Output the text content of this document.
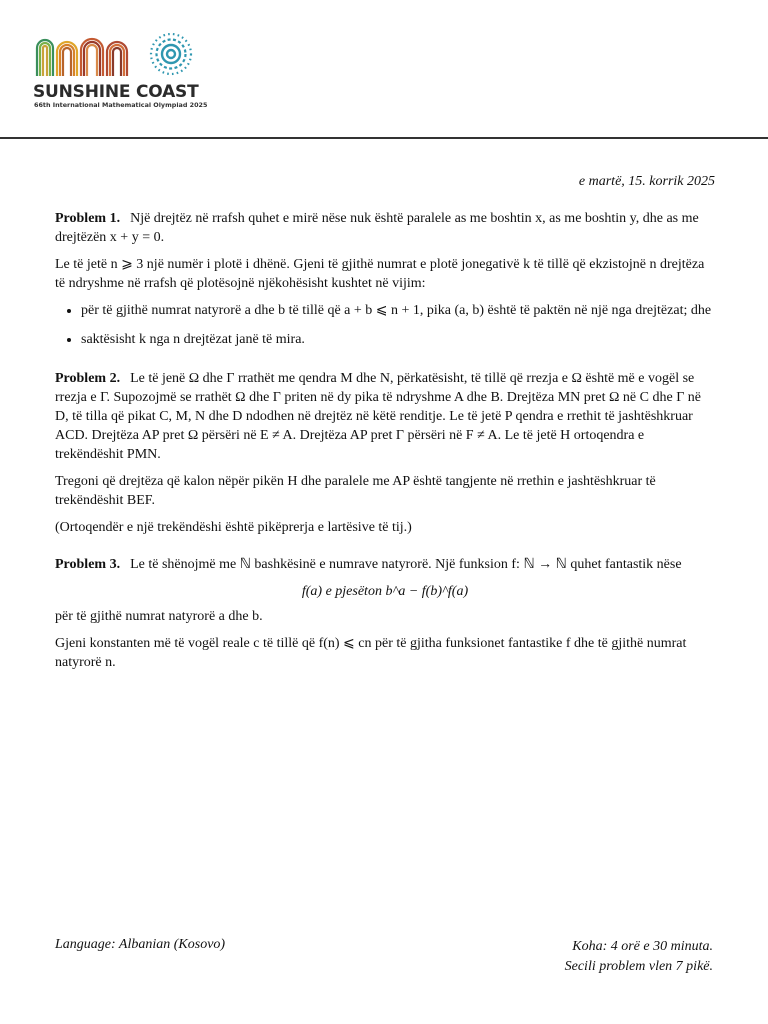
SUNSHINE COAST
66th International Mathematical Olympiad 2025
e martë, 15. korrik 2025

Problem 1. Një drejtëz në rrafsh quhet e mirë nëse nuk është paralele as me boshtin x, as me boshtin y, dhe as me drejtëzën x + y = 0.

Le të jetë n ⩾ 3 një numër i plotë i dhënë. Gjeni të gjithë numrat e plotë jonegativë k të tillë që ekzistojnë n drejtëza të ndryshme në rrafsh që plotësojnë njëkohësisht kushtet në vijim:

• për të gjithë numrat natyrorë a dhe b të tillë që a + b ⩽ n + 1, pika (a, b) është të paktën në një nga drejtëzat; dhe
• saktësisht k nga n drejtëzat janë të mira.

Problem 2. Le të jenë Ω dhe Γ rrathët me qendra M dhe N, përkatësisht, të tillë që rrezja e Ω është më e vogël se rrezja e Γ. Supozojmë se rrathët Ω dhe Γ priten në dy pika të ndryshme A dhe B. Drejtëza MN pret Ω në C dhe Γ në D, të tilla që pikat C, M, N dhe D ndodhen në drejtëz në këtë renditje. Le të jetë P qendra e rrethit të jashtëshkruar ACD. Drejtëza AP pret Ω përsëri në E ≠ A. Drejtëza AP pret Γ përsëri në F ≠ A. Le të jetë H ortoqendra e trekëndëshit PMN.

Tregoni që drejtëza që kalon nëpër pikën H dhe paralele me AP është tangjente në rrethin e jashtëshkruar të trekëndëshit BEF.

(Ortoqendër e një trekëndëshi është pikëprerja e lartësive të tij.)

Problem 3. Le të shënojmë me ℕ bashkësinë e numrave natyrorë. Një funksion f: ℕ → ℕ quhet fantastik nëse

f(a) e pjesëton b^a − f(b)^f(a)

për të gjithë numrat natyrorë a dhe b.

Gjeni konstanten më të vogël reale c të tillë që f(n) ⩽ cn për të gjitha funksionet fantastike f dhe të gjithë numrat natyrorë n.

Language: Albanian (Kosovo)	Koha: 4 orë e 30 minuta.
Secili problem vlen 7 pikë.
